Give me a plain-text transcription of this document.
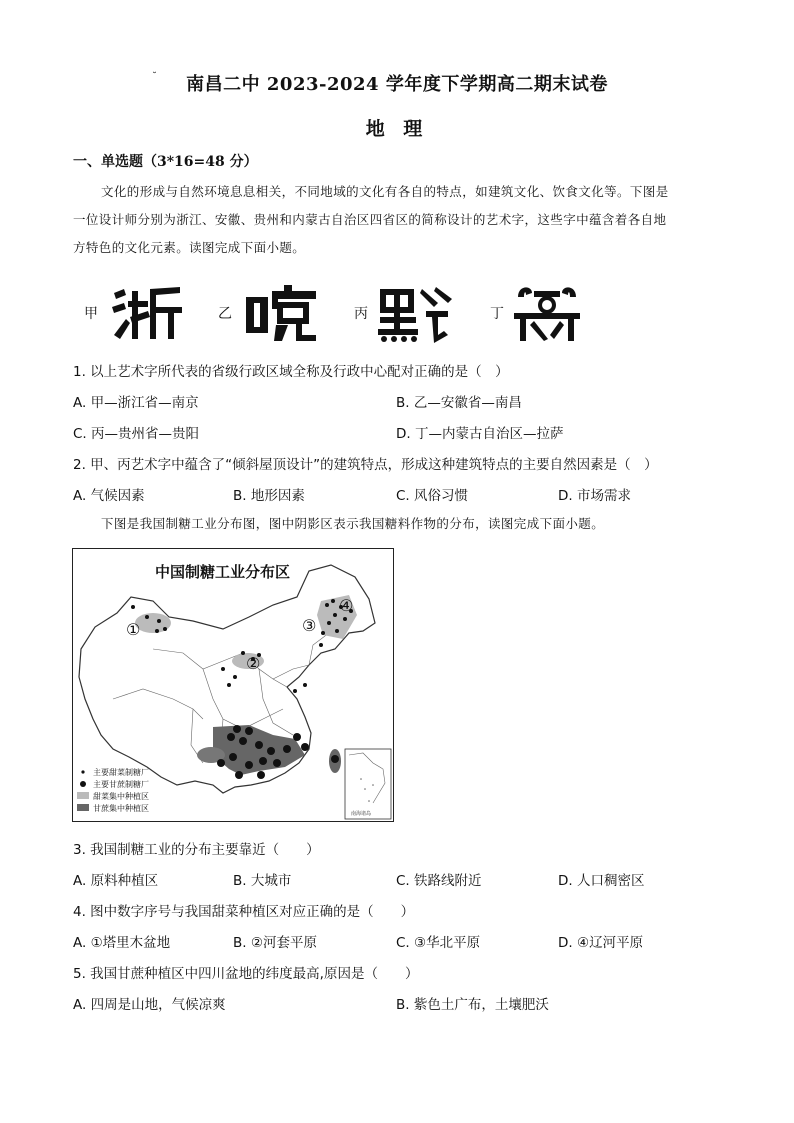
˘ 南昌二中 2023-2024 学年度下学期高二期末试卷
地 理
一、单选题（3*16=48 分）

文化的形成与自然环境息息相关，不同地域的文化有各自的特点，如建筑文化、饮食文化等。下图是

一位设计师分别为浙江、安徽、贵州和内蒙古自治区四省区的简称设计的艺术字，这些字中蕴含着各自地

方特色的文化元素。读图完成下面小题。

甲	乙	丙	丁
1. 以上艺术字所代表的省级行政区域全称及行政中心配对正确的是（　）
A. 甲—浙江省—南京	B. 乙—安徽省—南昌
C. 丙—贵州省—贵阳	D. 丁—内蒙古自治区—拉萨
2. 甲、丙艺术字中蕴含了“倾斜屋顶设计”的建筑特点，形成这种建筑特点的主要自然因素是（　）
A. 气候因素	B. 地形因素	C. 风俗习惯	D. 市场需求

下图是我国制糖工业分布图，图中阴影区表示我国糖料作物的分布，读图完成下面小题。

中国制糖工业分布区
①
②
③
④
主要甜菜制糖厂
主要甘蔗制糖厂
甜菜集中种植区
甘蔗集中种植区
南海诸岛
3. 我国制糖工业的分布主要靠近（　　）
A. 原料种植区	B. 大城市	C. 铁路线附近	D. 人口稠密区
4. 图中数字序号与我国甜菜种植区对应正确的是（　　）
A. ①塔里木盆地	B. ②河套平原	C. ③华北平原	D. ④辽河平原
5. 我国甘蔗种植区中四川盆地的纬度最高,原因是（　　）
A. 四周是山地，气候凉爽	B. 紫色土广布，土壤肥沃
